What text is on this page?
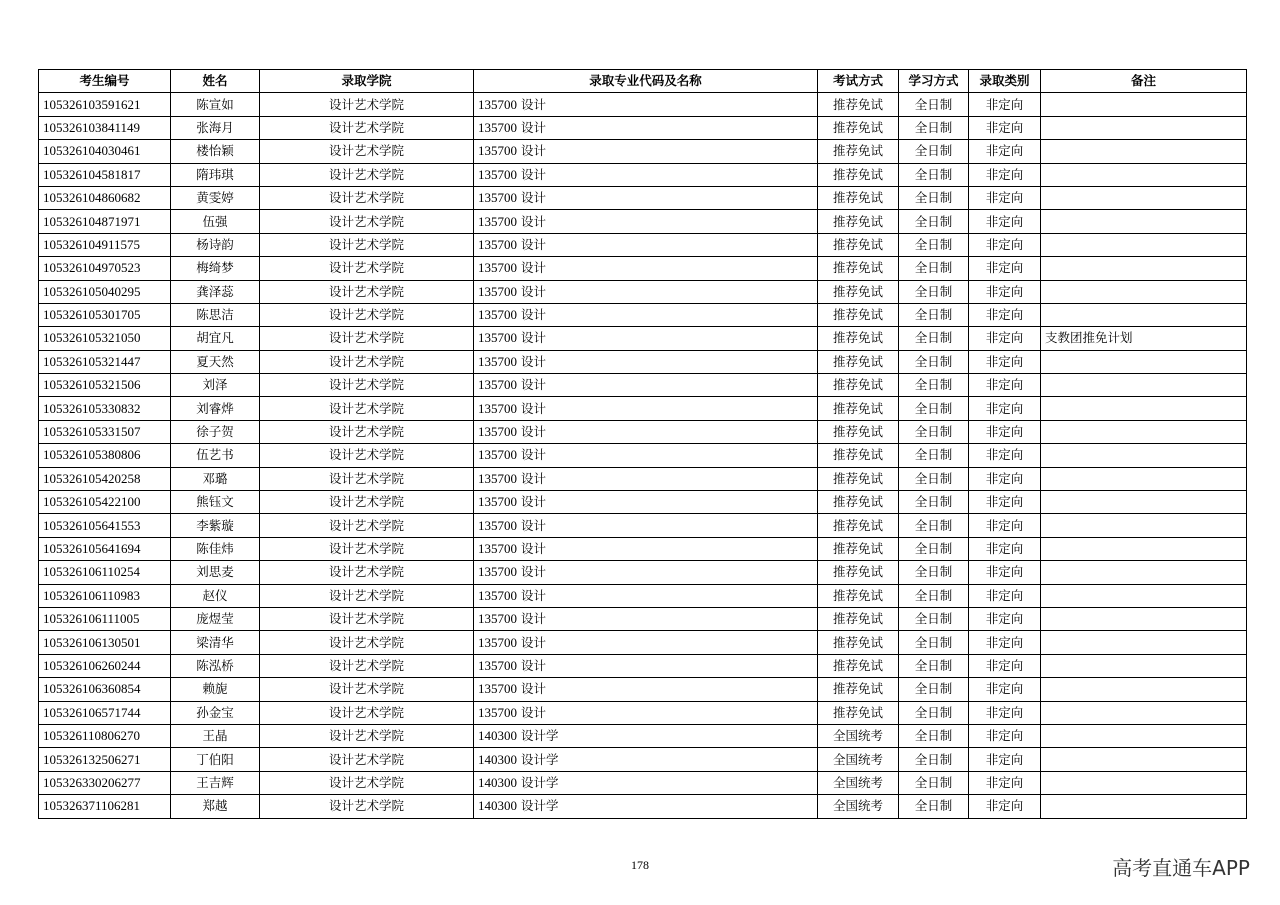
考生编号	姓名	录取学院	录取专业代码及名称	考试方式	学习方式	录取类别	备注
105326103591621	陈宣如	设计艺术学院	135700 设计	推荐免试	全日制	非定向	
105326103841149	张海月	设计艺术学院	135700 设计	推荐免试	全日制	非定向	
105326104030461	楼怡颖	设计艺术学院	135700 设计	推荐免试	全日制	非定向	
105326104581817	隋玮琪	设计艺术学院	135700 设计	推荐免试	全日制	非定向	
105326104860682	黄雯婷	设计艺术学院	135700 设计	推荐免试	全日制	非定向	
105326104871971	伍强	设计艺术学院	135700 设计	推荐免试	全日制	非定向	
105326104911575	杨诗韵	设计艺术学院	135700 设计	推荐免试	全日制	非定向	
105326104970523	梅绮梦	设计艺术学院	135700 设计	推荐免试	全日制	非定向	
105326105040295	龚泽蕊	设计艺术学院	135700 设计	推荐免试	全日制	非定向	
105326105301705	陈思洁	设计艺术学院	135700 设计	推荐免试	全日制	非定向	
105326105321050	胡宜凡	设计艺术学院	135700 设计	推荐免试	全日制	非定向	支教团推免计划
105326105321447	夏天然	设计艺术学院	135700 设计	推荐免试	全日制	非定向	
105326105321506	刘泽	设计艺术学院	135700 设计	推荐免试	全日制	非定向	
105326105330832	刘睿烨	设计艺术学院	135700 设计	推荐免试	全日制	非定向	
105326105331507	徐子贺	设计艺术学院	135700 设计	推荐免试	全日制	非定向	
105326105380806	伍艺书	设计艺术学院	135700 设计	推荐免试	全日制	非定向	
105326105420258	邓璐	设计艺术学院	135700 设计	推荐免试	全日制	非定向	
105326105422100	熊钰文	设计艺术学院	135700 设计	推荐免试	全日制	非定向	
105326105641553	李紫璇	设计艺术学院	135700 设计	推荐免试	全日制	非定向	
105326105641694	陈佳炜	设计艺术学院	135700 设计	推荐免试	全日制	非定向	
105326106110254	刘思麦	设计艺术学院	135700 设计	推荐免试	全日制	非定向	
105326106110983	赵仪	设计艺术学院	135700 设计	推荐免试	全日制	非定向	
105326106111005	庞煜莹	设计艺术学院	135700 设计	推荐免试	全日制	非定向	
105326106130501	梁清华	设计艺术学院	135700 设计	推荐免试	全日制	非定向	
105326106260244	陈泓桥	设计艺术学院	135700 设计	推荐免试	全日制	非定向	
105326106360854	赖旎	设计艺术学院	135700 设计	推荐免试	全日制	非定向	
105326106571744	孙金宝	设计艺术学院	135700 设计	推荐免试	全日制	非定向	
105326110806270	王晶	设计艺术学院	140300 设计学	全国统考	全日制	非定向	
105326132506271	丁伯阳	设计艺术学院	140300 设计学	全国统考	全日制	非定向	
105326330206277	王吉辉	设计艺术学院	140300 设计学	全国统考	全日制	非定向	
105326371106281	郑越	设计艺术学院	140300 设计学	全国统考	全日制	非定向	
178	高考直通车APP
